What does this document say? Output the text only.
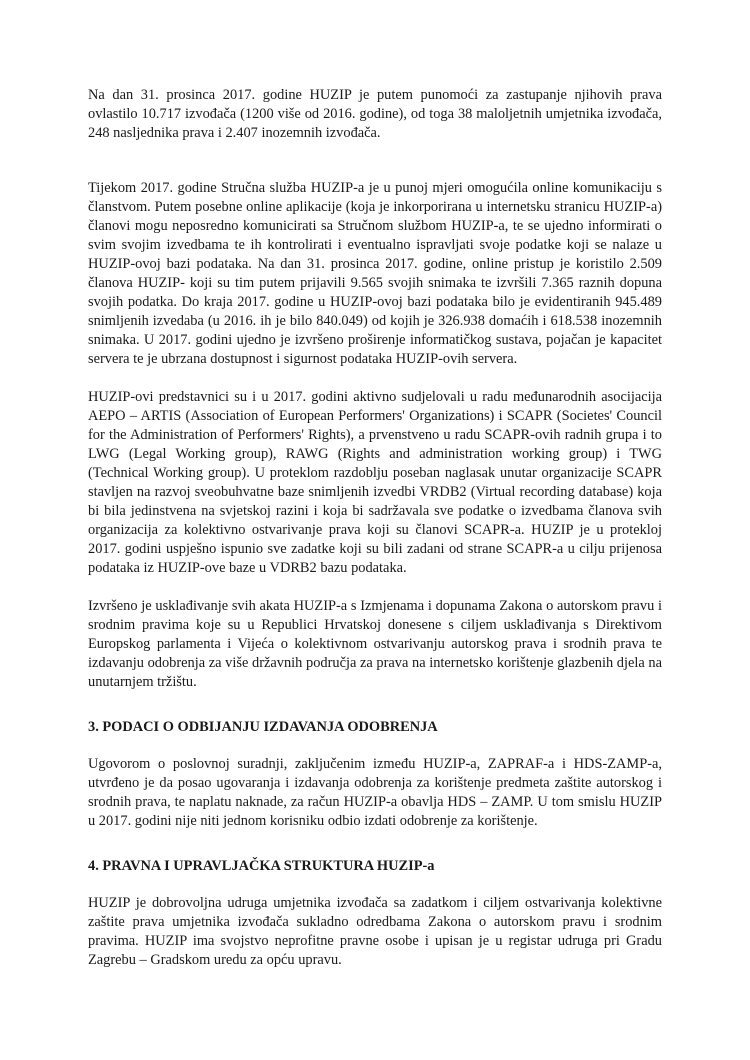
Na dan 31. prosinca 2017. godine HUZIP je putem punomoći za zastupanje njihovih prava ovlastilo 10.717 izvođača (1200 više od 2016. godine), od toga 38 maloljetnih umjetnika izvođača, 248 nasljednika prava i 2.407 inozemnih izvođača.

Tijekom 2017. godine Stručna služba HUZIP-a je u punoj mjeri omogućila online komunikaciju s članstvom. Putem posebne online aplikacije (koja je inkorporirana u internetsku stranicu HUZIP-a) članovi mogu neposredno komunicirati sa Stručnom službom HUZIP-a, te se ujedno informirati o svim svojim izvedbama te ih kontrolirati i eventualno ispravljati svoje podatke koji se nalaze u HUZIP-ovoj bazi podataka. Na dan 31. prosinca 2017. godine, online pristup je koristilo 2.509 članova HUZIP- koji su tim putem prijavili 9.565 svojih snimaka te izvršili 7.365 raznih dopuna svojih podatka. Do kraja 2017. godine u HUZIP-ovoj bazi podataka bilo je evidentiranih 945.489 snimljenih izvedaba (u 2016. ih je bilo 840.049) od kojih je 326.938 domaćih i 618.538 inozemnih snimaka. U 2017. godini ujedno je izvršeno proširenje informatičkog sustava, pojačan je kapacitet servera te je ubrzana dostupnost i sigurnost podataka HUZIP-ovih servera.

HUZIP-ovi predstavnici su i u 2017. godini aktivno sudjelovali u radu međunarodnih asocijacija AEPO – ARTIS (Association of European Performers' Organizations) i SCAPR (Societes' Council for the Administration of Performers' Rights), a prvenstveno u radu SCAPR-ovih radnih grupa i to LWG (Legal Working group), RAWG (Rights and administration working group) i TWG (Technical Working group). U proteklom razdoblju poseban naglasak unutar organizacije SCAPR stavljen na razvoj sveobuhvatne baze snimljenih izvedbi VRDB2 (Virtual recording database) koja bi bila jedinstvena na svjetskoj razini i koja bi sadržavala sve podatke o izvedbama članova svih organizacija za kolektivno ostvarivanje prava koji su članovi SCAPR-a. HUZIP je u protekloj 2017. godini uspješno ispunio sve zadatke koji su bili zadani od strane SCAPR-a u cilju prijenosa podataka iz HUZIP-ove baze u VDRB2 bazu podataka.

Izvršeno je usklađivanje svih akata HUZIP-a s Izmjenama i dopunama Zakona o autorskom pravu i srodnim pravima koje su u Republici Hrvatskoj donesene s ciljem usklađivanja s Direktivom Europskog parlamenta i Vijeća o kolektivnom ostvarivanju autorskog prava i srodnih prava te izdavanju odobrenja za više državnih područja za prava na internetsko korištenje glazbenih djela na unutarnjem tržištu.

3. PODACI O ODBIJANJU IZDAVANJA ODOBRENJA

Ugovorom o poslovnoj suradnji, zaključenim između HUZIP-a, ZAPRAF-a i HDS-ZAMP-a, utvrđeno je da posao ugovaranja i izdavanja odobrenja za korištenje predmeta zaštite autorskog i srodnih prava, te naplatu naknade, za račun HUZIP-a obavlja HDS – ZAMP. U tom smislu HUZIP u 2017. godini nije niti jednom korisniku odbio izdati odobrenje za korištenje.

4. PRAVNA I UPRAVLJAČKA STRUKTURA HUZIP-a

HUZIP je dobrovoljna udruga umjetnika izvođača sa zadatkom i ciljem ostvarivanja kolektivne zaštite prava umjetnika izvođača sukladno odredbama Zakona o autorskom pravu i srodnim pravima. HUZIP ima svojstvo neprofitne pravne osobe i upisan je u registar udruga pri Gradu Zagrebu – Gradskom uredu za opću upravu.
